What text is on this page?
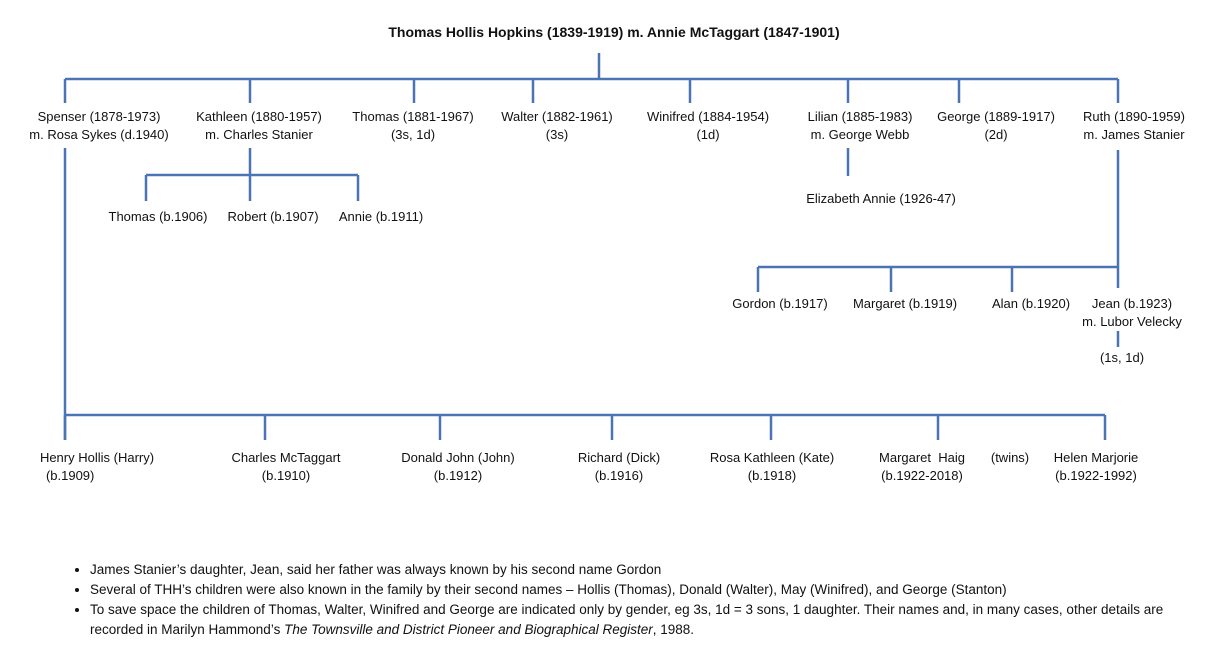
Thomas Hollis Hopkins (1839-1919) m. Annie McTaggart (1847-1901)
Spenser (1878-1973)
m. Rosa Sykes (d.1940)
Kathleen (1880-1957)
m. Charles Stanier
Thomas (1881-1967)
(3s, 1d)
Walter (1882-1961)
(3s)
Winifred (1884-1954)
(1d)
Lilian (1885-1983)
m. George Webb
George (1889-1917)
(2d)
Ruth (1890-1959)
m. James Stanier
Thomas (b.1906) Robert (b.1907) Annie (b.1911)
Elizabeth Annie (1926-47)
Gordon (b.1917) Margaret (b.1919)	Alan (b.1920)	Jean (b.1923)
m. Lubor Velecky
(1s, 1d)
Henry Hollis (Harry)
(b.1909)
Charles McTaggart
(b.1910)
Donald John (John)
(b.1912)
Richard (Dick)
(b.1916)
Rosa Kathleen (Kate)
(b.1918)
Margaret  Haig
(b.1922-2018)
(twins) Helen Marjorie
(b.1922-1992)
• James Stanier’s daughter, Jean, said her father was always known by his second name Gordon
• Several of THH’s children were also known in the family by their second names – Hollis (Thomas), Donald (Walter), May (Winifred), and George (Stanton)
• To save space the children of Thomas, Walter, Winifred and George are indicated only by gender, eg 3s, 1d = 3 sons, 1 daughter. Their names and, in many cases, other details are recorded in Marilyn Hammond’s The Townsville and District Pioneer and Biographical Register, 1988.
